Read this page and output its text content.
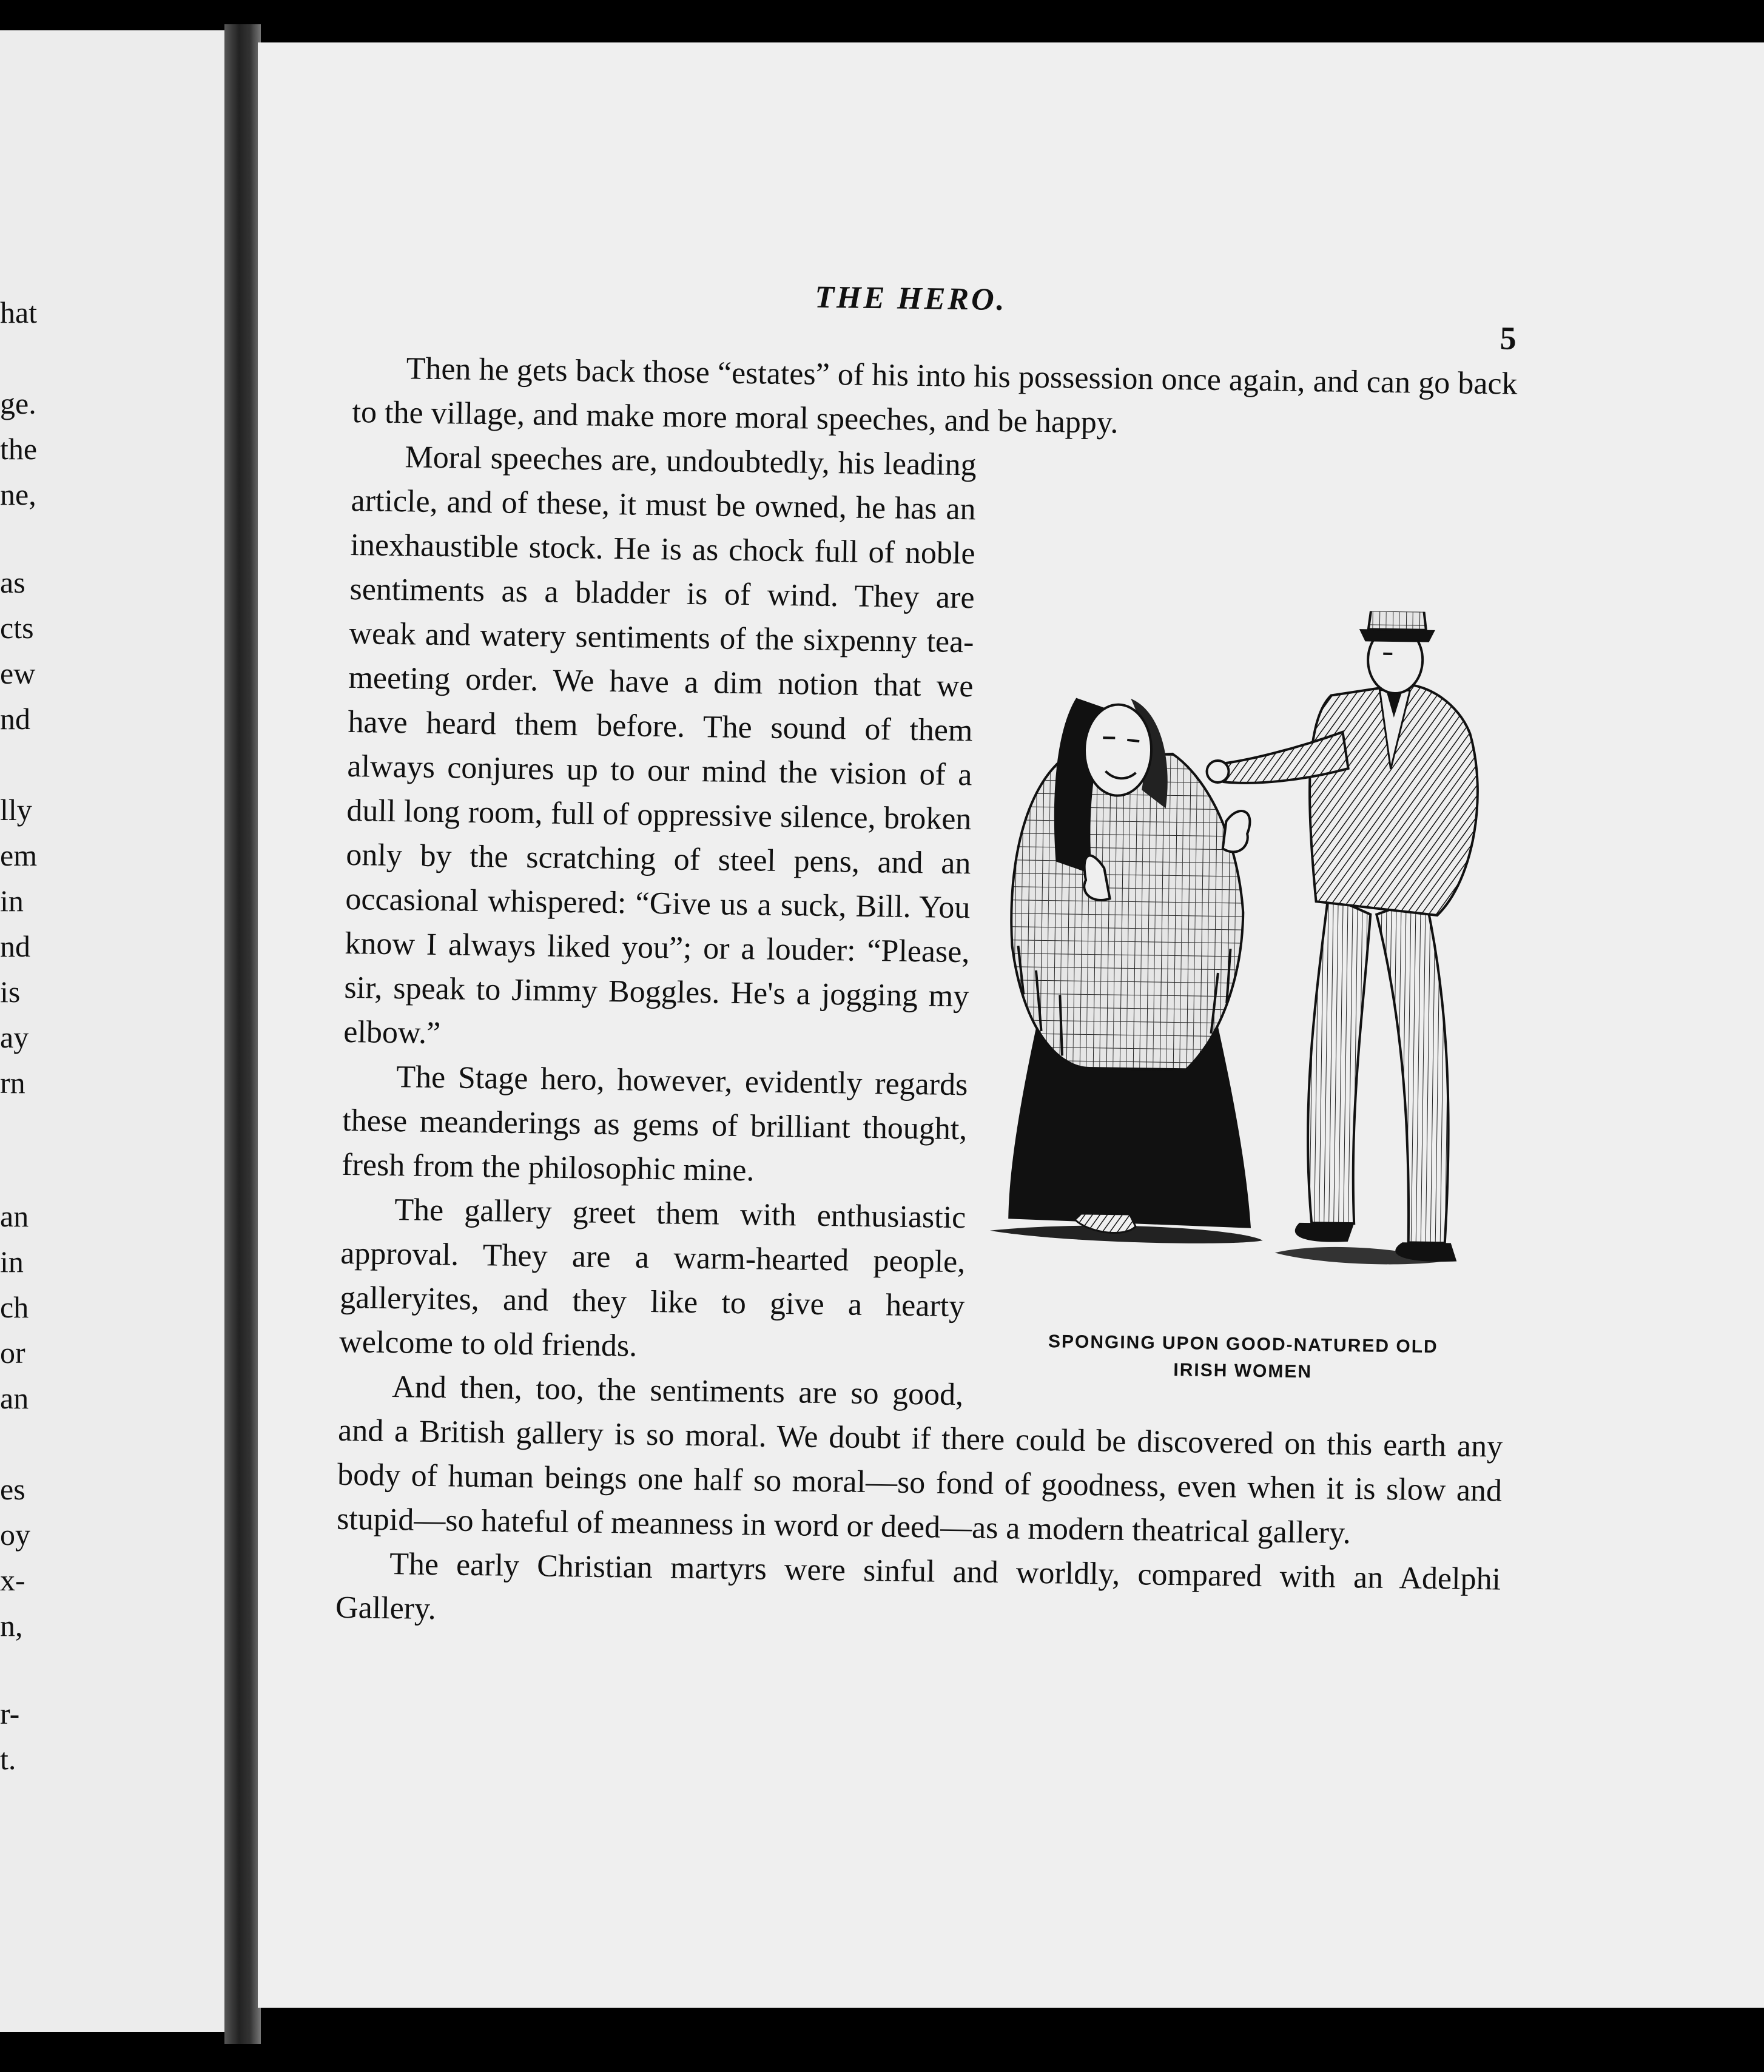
hat
ge.
the
ne,
as
cts
ew
nd
lly
em
in
nd
is
ay
rn
an
in
ch
or
an
es
oy
x-
n,
r-
t.
THE HERO.
5

Then he gets back those “estates” of his into his possession once again, and can go back to the village, and make more moral speeches, and be happy.

SPONGING UPON GOOD-NATURED OLD
IRISH WOMEN

Moral speeches are, undoubtedly, his leading article, and of these, it must be owned, he has an inexhaustible stock. He is as chock full of noble sentiments as a bladder is of wind. They are weak and watery sentiments of the sixpenny tea-meeting order. We have a dim notion that we have heard them before. The sound of them always conjures up to our mind the vision of a dull long room, full of oppressive silence, broken only by the scratching of steel pens, and an occasional whispered: “Give us a suck, Bill. You know I always liked you”; or a louder: “Please, sir, speak to Jimmy Boggles. He's a jogging my elbow.”

The Stage hero, however, evidently regards these meanderings as gems of brilliant thought, fresh from the philosophic mine.

The gallery greet them with enthusiastic approval. They are a warm-hearted people, galleryites, and they like to give a hearty welcome to old friends.

And then, too, the sentiments are so good, and a British gallery is so moral. We doubt if there could be discovered on this earth any body of human beings one half so moral—so fond of goodness, even when it is slow and stupid—so hateful of meanness in word or deed—as a modern theatrical gallery.

The early Christian martyrs were sinful and worldly, compared with an Adelphi Gallery.
